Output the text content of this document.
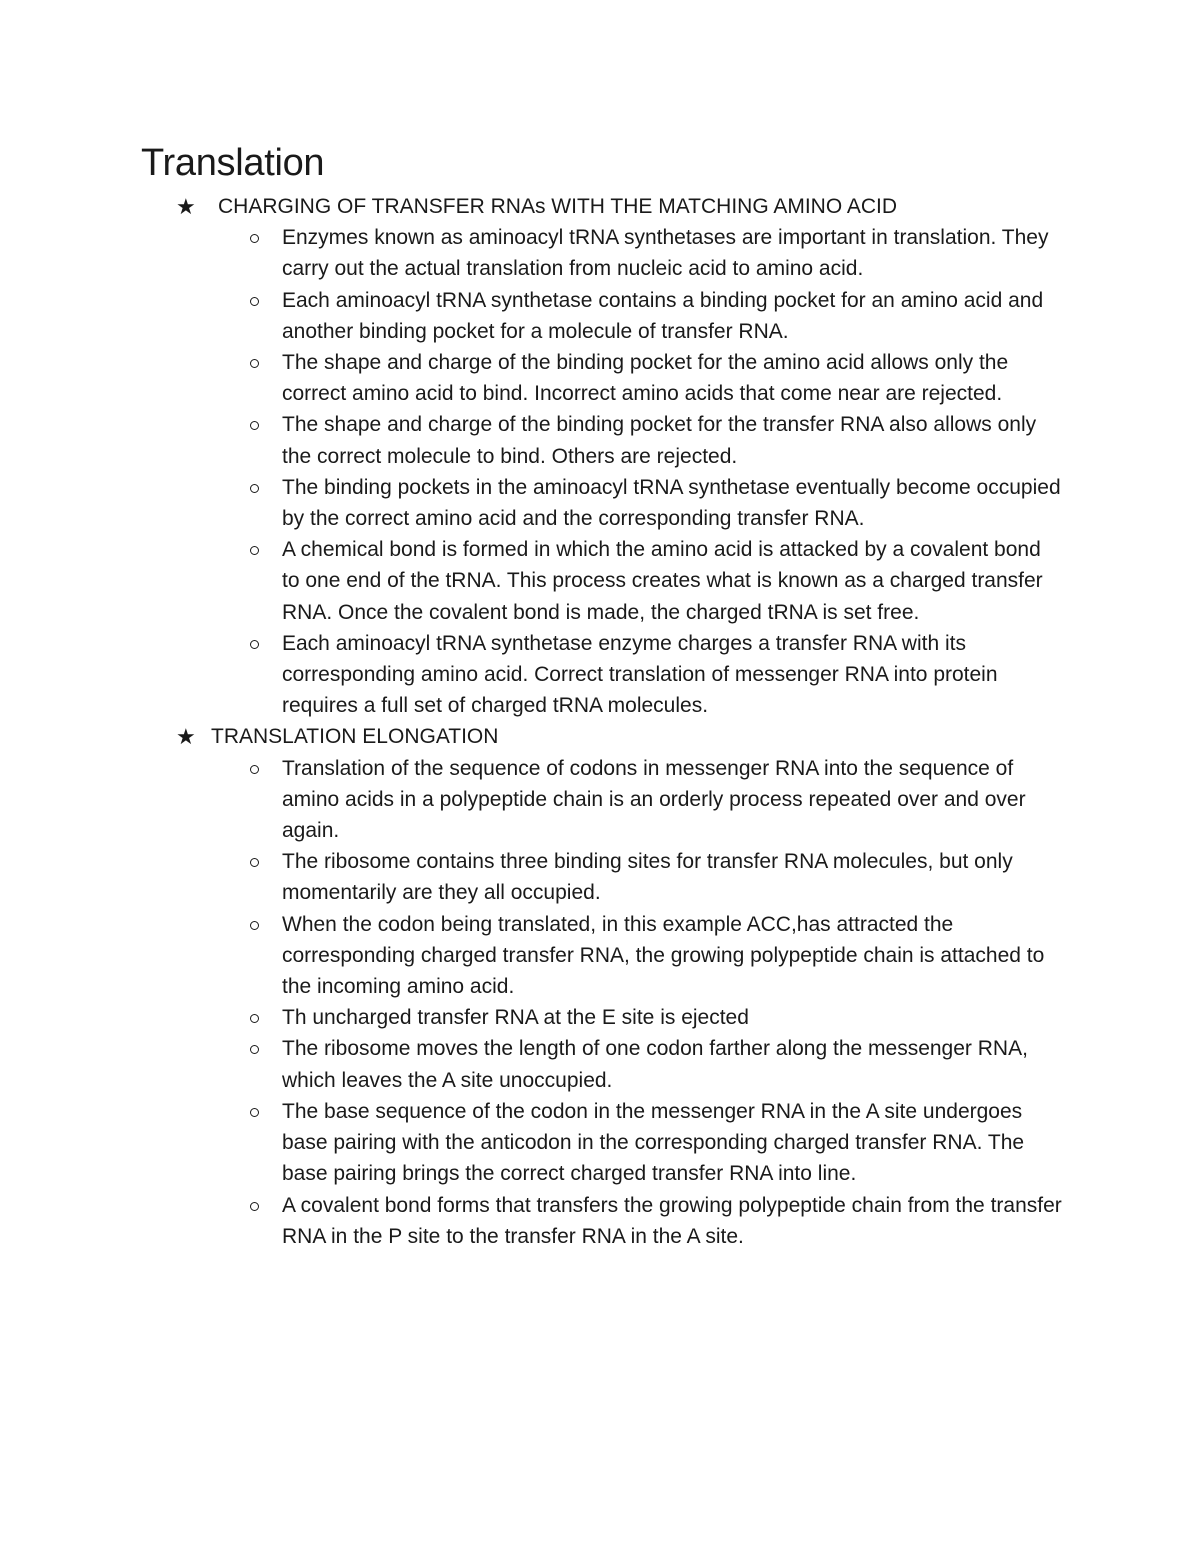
Translation

★ CHARGING OF TRANSFER RNAs WITH THE MATCHING AMINO ACID

Enzymes known as aminoacyl tRNA synthetases are important in translation. They carry out the actual translation from nucleic acid to amino acid.
Each aminoacyl tRNA synthetase contains a binding pocket for an amino acid and another binding pocket for a molecule of transfer RNA.
The shape and charge of the binding pocket for the amino acid allows only the correct amino acid to bind. Incorrect amino acids that come near are rejected.
The shape and charge of the binding pocket for the transfer RNA also allows only the correct molecule to bind. Others are rejected.
The binding pockets in the aminoacyl tRNA synthetase eventually become occupied by the correct amino acid and the corresponding transfer RNA.
A chemical bond is formed in which the amino acid is attacked by a covalent bond to one end of the tRNA. This process creates what is known as a charged transfer RNA. Once the covalent bond is made, the charged tRNA is set free.
Each aminoacyl tRNA synthetase enzyme charges a transfer RNA with its corresponding amino acid. Correct translation of messenger RNA into protein requires a full set of charged tRNA molecules.

★ TRANSLATION ELONGATION

Translation of the sequence of codons in messenger RNA into the sequence of amino acids in a polypeptide chain is an orderly process repeated over and over again.
The ribosome contains three binding sites for transfer RNA molecules, but only momentarily are they all occupied.
When the codon being translated, in this example ACC,has attracted the corresponding charged transfer RNA, the growing polypeptide chain is attached to the incoming amino acid.
Th uncharged transfer RNA at the E site is ejected
The ribosome moves the length of one codon farther along the messenger RNA, which leaves the A site unoccupied.
The base sequence of the codon in the messenger RNA in the A site undergoes base pairing with the anticodon in the corresponding charged transfer RNA. The base pairing brings the correct charged transfer RNA into line.
A covalent bond forms that transfers the growing polypeptide chain from the transfer RNA in the P site to the transfer RNA in the A site.
